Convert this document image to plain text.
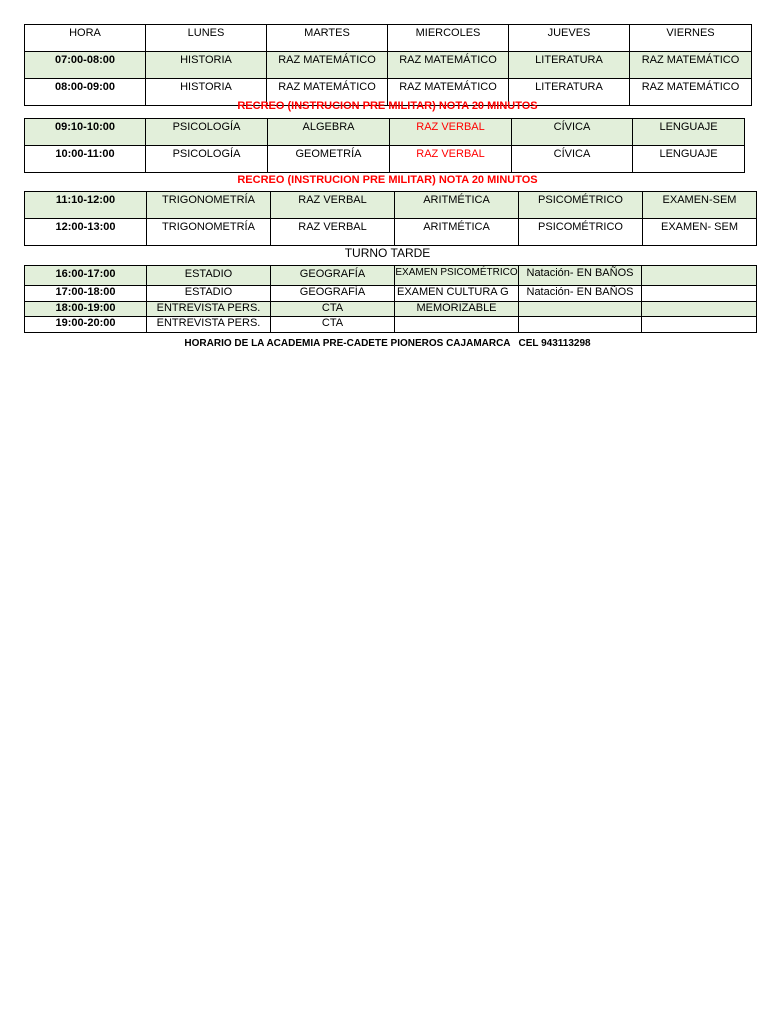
HORA	LUNES	MARTES	MIERCOLES	JUEVES	VIERNES
07:00-08:00	HISTORIA	RAZ MATEMÁTICO	RAZ MATEMÁTICO	LITERATURA	RAZ MATEMÁTICO
08:00-09:00	HISTORIA	RAZ MATEMÁTICO	RAZ MATEMÁTICO	LITERATURA	RAZ MATEMÁTICO
RECREO (INSTRUCION PRE MILITAR) NOTA 20 MINUTOS
09:10-10:00	PSICOLOGÍA	ALGEBRA	RAZ VERBAL	CÍVICA	LENGUAJE
10:00-11:00	PSICOLOGÍA	GEOMETRÍA	RAZ VERBAL	CÍVICA	LENGUAJE
RECREO (INSTRUCION PRE MILITAR) NOTA 20 MINUTOS
11:10-12:00	TRIGONOMETRÍA	RAZ VERBAL	ARITMÉTICA	PSICOMÉTRICO	EXAMEN-SEM
12:00-13:00	TRIGONOMETRÍA	RAZ VERBAL	ARITMÉTICA	PSICOMÉTRICO	EXAMEN- SEM
TURNO TARDE
16:00-17:00	ESTADIO	GEOGRAFÍA	EXAMEN PSICOMÉTRICO	Natación- EN BAÑOS	
17:00-18:00	ESTADIO	GEOGRAFÍA	EXAMEN CULTURA G	Natación- EN BAÑOS	
18:00-19:00	ENTREVISTA PERS.	CTA	MEMORIZABLE		
19:00-20:00	ENTREVISTA PERS.	CTA			
HORARIO DE LA ACADEMIA PRE-CADETE PIONEROS CAJAMARCA   CEL 943113298
